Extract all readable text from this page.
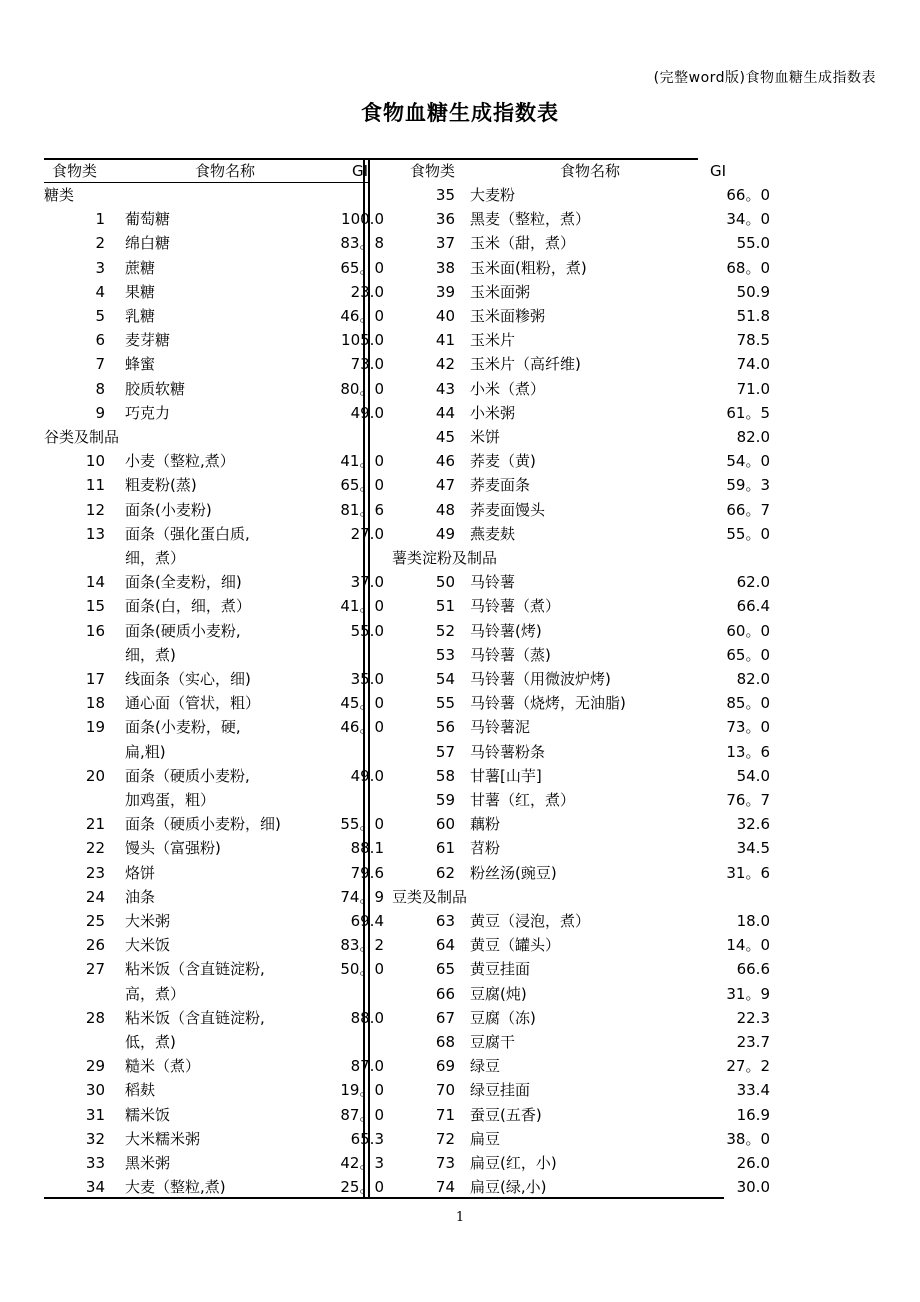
(完整word版)食物血糖生成指数表
食物血糖生成指数表
食物类	食物名称	GI	食物类	食物名称	GI
糖类
1 葡萄糖	100.0
2 绵白糖	83。8
3 蔗糖	65。0
4 果糖	23.0
5 乳糖	46。0
6 麦芽糖	105.0
7 蜂蜜	73.0
8 胶质软糖	80。0
9 巧克力	49.0
谷类及制品
10 小麦（整粒,煮）	41。0
11 粗麦粉(蒸)	65。0
12 面条(小麦粉)	81。6
13 面条（强化蛋白质,	27.0
细，煮）
14 面条(全麦粉，细)	37.0
15 面条(白，细，煮）	41。0
16 面条(硬质小麦粉,	55.0
细，煮)
17 线面条（实心，细)	35.0
18 通心面（管状，粗）	45。0
19 面条(小麦粉，硬,	46。0
扁,粗)
20 面条（硬质小麦粉,	49.0
加鸡蛋，粗）
21 面条（硬质小麦粉，细)	55。0
22 馒头（富强粉)	88.1
23 烙饼	79.6
24 油条	74。9
25 大米粥	69.4
26 大米饭	83。2
27 粘米饭（含直链淀粉,	50。0
高，煮）
28 粘米饭（含直链淀粉,	88.0
低，煮)
29 糙米（煮）	87.0
30 稻麸	19。0
31 糯米饭	87。0
32 大米糯米粥	65.3
33 黑米粥	42。3
34 大麦（整粒,煮)	25。0
35 大麦粉	66。0
36 黑麦（整粒，煮）	34。0
37 玉米（甜，煮）	55.0
38 玉米面(粗粉，煮)	68。0
39 玉米面粥	50.9
40 玉米面糁粥	51.8
41 玉米片	78.5
42 玉米片（高纤维)	74.0
43 小米（煮）	71.0
44 小米粥	61。5
45 米饼	82.0
46 荞麦（黄)	54。0
47 荞麦面条	59。3
48 荞麦面馒头	66。7
49 燕麦麸	55。0
薯类淀粉及制品
50 马铃薯	62.0
51 马铃薯（煮）	66.4
52 马铃薯(烤)	60。0
53 马铃薯（蒸)	65。0
54 马铃薯（用微波炉烤)	82.0
55 马铃薯（烧烤，无油脂)	85。0
56 马铃薯泥	73。0
57 马铃薯粉条	13。6
58 甘薯[山芋]	54.0
59 甘薯（红，煮）	76。7
60 藕粉	32.6
61 苕粉	34.5
62 粉丝汤(豌豆)	31。6
豆类及制品
63 黄豆（浸泡，煮）	18.0
64 黄豆（罐头）	14。0
65 黄豆挂面	66.6
66 豆腐(炖)	31。9
67 豆腐（冻)	22.3
68 豆腐干	23.7
69 绿豆	27。2
70 绿豆挂面	33.4
71 蚕豆(五香)	16.9
72 扁豆	38。0
73 扁豆(红，小)	26.0
74 扁豆(绿,小)	30.0
1
